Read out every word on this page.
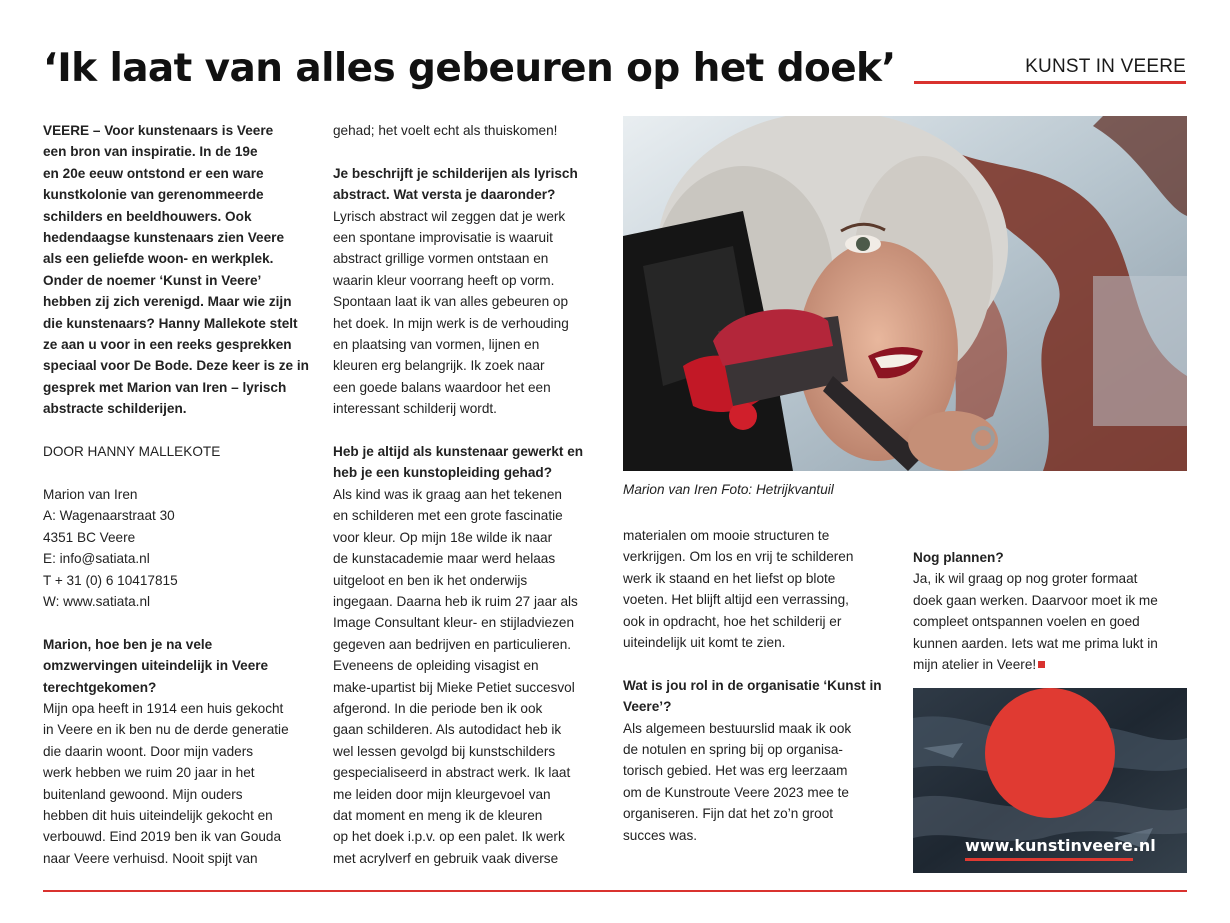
‘Ik laat van alles gebeuren op het doek’	KUNST IN VEERE

VEERE – Voor kunstenaars is Veere
een bron van inspiratie. In de 19e
en 20e eeuw ontstond er een ware
kunstkolonie van gerenommeerde
schilders en beeldhouwers. Ook
hedendaagse kunstenaars zien Veere
als een geliefde woon- en werkplek.
Onder de noemer ‘Kunst in Veere’
hebben zij zich verenigd. Maar wie zijn
die kunstenaars? Hanny Mallekote stelt
ze aan u voor in een reeks gesprekken
speciaal voor De Bode. Deze keer is ze in
gesprek met Marion van Iren – lyrisch
abstracte schilderijen.

DOOR HANNY MALLEKOTE

Marion van Iren

A: Wagenaarstraat 30

4351 BC Veere

E: info@satiata.nl

T + 31 (0) 6 10417815

W: www.satiata.nl

Marion, hoe ben je na vele
omzwervingen uiteindelijk in Veere
terechtgekomen?

Mijn opa heeft in 1914 een huis gekocht
in Veere en ik ben nu de derde generatie
die daarin woont. Door mijn vaders
werk hebben we ruim 20 jaar in het
buitenland gewoond. Mijn ouders
hebben dit huis uiteindelijk gekocht en
verbouwd. Eind 2019 ben ik van Gouda
naar Veere verhuisd. Nooit spijt van

gehad; het voelt echt als thuiskomen!

Je beschrijft je schilderijen als lyrisch
abstract. Wat versta je daaronder?

Lyrisch abstract wil zeggen dat je werk
een spontane improvisatie is waaruit
abstract grillige vormen ontstaan en
waarin kleur voorrang heeft op vorm.
Spontaan laat ik van alles gebeuren op
het doek. In mijn werk is de verhouding
en plaatsing van vormen, lijnen en
kleuren erg belangrijk. Ik zoek naar
een goede balans waardoor het een
interessant schilderij wordt.

Heb je altijd als kunstenaar gewerkt en
heb je een kunstopleiding gehad?

Als kind was ik graag aan het tekenen
en schilderen met een grote fascinatie
voor kleur. Op mijn 18e wilde ik naar
de kunstacademie maar werd helaas
uitgeloot en ben ik het onderwijs
ingegaan. Daarna heb ik ruim 27 jaar als
Image Consultant kleur- en stijladviezen
gegeven aan bedrijven en particulieren.
Eveneens de opleiding visagist en
make-upartist bij Mieke Petiet succesvol
afgerond. In die periode ben ik ook
gaan schilderen. Als autodidact heb ik
wel lessen gevolgd bij kunstschilders
gespecialiseerd in abstract werk. Ik laat
me leiden door mijn kleurgevoel van
dat moment en meng ik de kleuren
op het doek i.p.v. op een palet. Ik werk
met acrylverf en gebruik vaak diverse

Marion van Iren Foto: Hetrijkvantuil

materialen om mooie structuren te
verkrijgen. Om los en vrij te schilderen
werk ik staand en het liefst op blote
voeten. Het blijft altijd een verrassing,
ook in opdracht, hoe het schilderij er
uiteindelijk uit komt te zien.

Wat is jou rol in de organisatie ‘Kunst in
Veere’?

Als algemeen bestuurslid maak ik ook
de notulen en spring bij op organisa-
torisch gebied. Het was erg leerzaam
om de Kunstroute Veere 2023 mee te
organiseren. Fijn dat het zo’n groot
succes was.

Nog plannen?

Ja, ik wil graag op nog groter formaat
doek gaan werken. Daarvoor moet ik me
compleet ontspannen voelen en goed
kunnen aarden. Iets wat me prima lukt in
mijn atelier in Veere!

www.kunstinveere.nl
